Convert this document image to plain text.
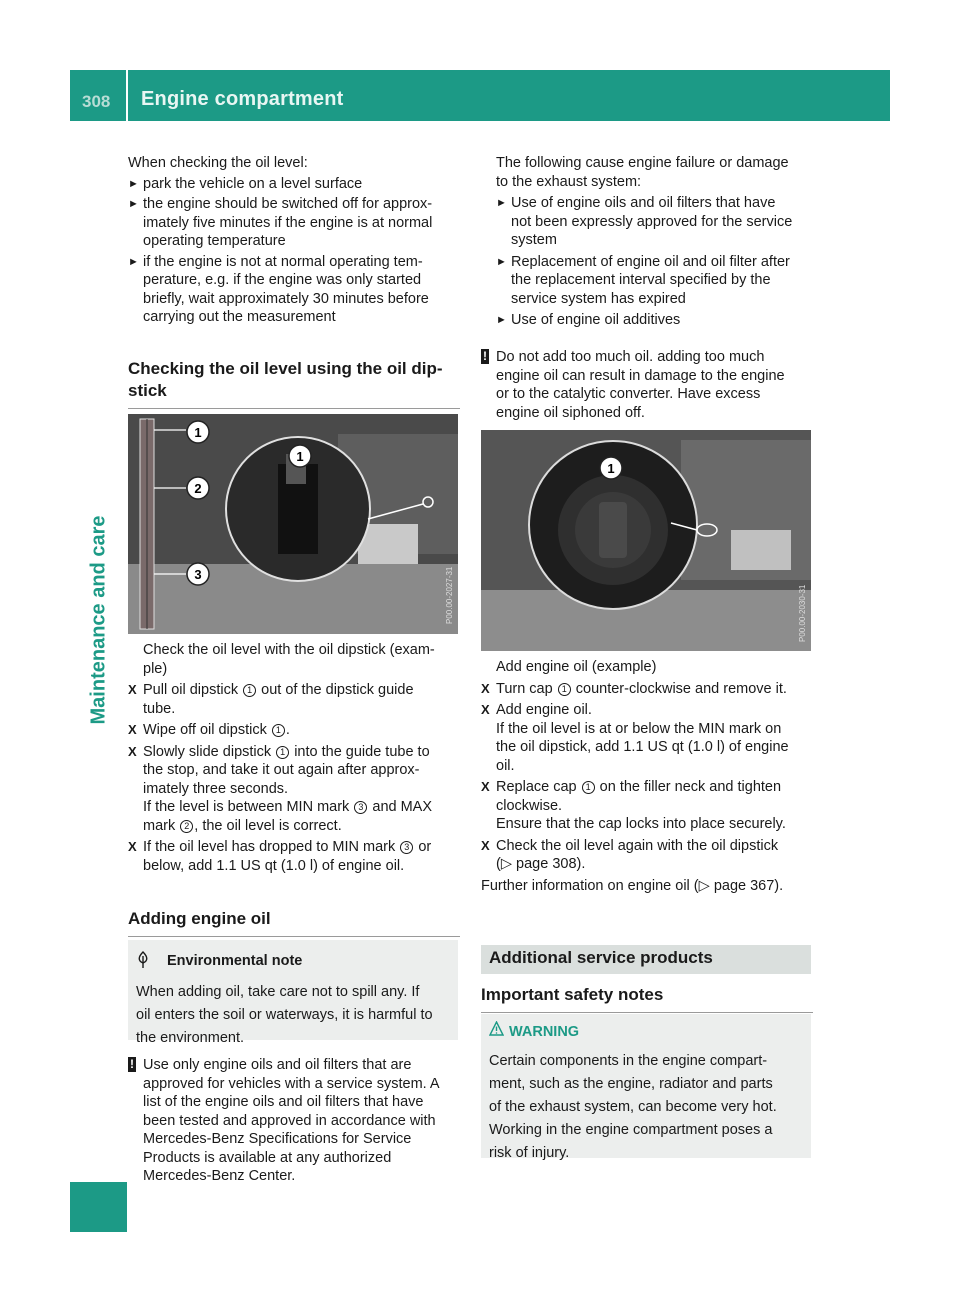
308 Engine compartment
Maintenance and care

When checking the oil level:

► park the vehicle on a level surface
► the engine should be switched off for approx-
imately five minutes if the engine is at normal
operating temperature
► if the engine is not at normal operating tem-
perature, e.g. if the engine was only started
briefly, wait approximately 30 minutes before
carrying out the measurement
Checking the oil level using the oil dip-
stick
1
2
3
1
P00.00-2027-31

Check the oil level with the oil dipstick (exam-
ple)

X Pull oil dipstick 1 out of the dipstick guide
tube.
X Wipe off oil dipstick 1 .
X Slowly slide dipstick 1 into the guide tube to
the stop, and take it out again after approx-
imately three seconds.
If the level is between MIN mark 3 and MAX
mark 2 , the oil level is correct.
X If the oil level has dropped to MIN mark 3 or
below, add 1.1 US qt (1.0 l) of engine oil.
Adding engine oil
Environmental note
When adding oil, take care not to spill any. If
oil enters the soil or waterways, it is harmful to
the environment.
! Use only engine oils and oil filters that are
approved for vehicles with a service system. A
list of the engine oils and oil filters that have
been tested and approved in accordance with
Mercedes-Benz Specifications for Service
Products is available at any authorized
Mercedes-Benz Center.

The following cause engine failure or damage
to the exhaust system:

► Use of engine oils and oil filters that have
not been expressly approved for the service
system
► Replacement of engine oil and oil filter after
the replacement interval specified by the
service system has expired
► Use of engine oil additives
! Do not add too much oil. adding too much
engine oil can result in damage to the engine
or to the catalytic converter. Have excess
engine oil siphoned off.
1
P00.00-2030-31

Add engine oil (example)

X Turn cap 1 counter-clockwise and remove it.
X Add engine oil.
If the oil level is at or below the MIN mark on
the oil dipstick, add 1.1 US qt (1.0 l) of engine
oil.
X Replace cap 1 on the filler neck and tighten
clockwise.
Ensure that the cap locks into place securely.
X Check the oil level again with the oil dipstick
(▷ page 308).

Further information on engine oil (▷ page 367).

Additional service products
Important safety notes
WARNING
Certain components in the engine compart-
ment, such as the engine, radiator and parts
of the exhaust system, can become very hot.
Working in the engine compartment poses a
risk of injury.
